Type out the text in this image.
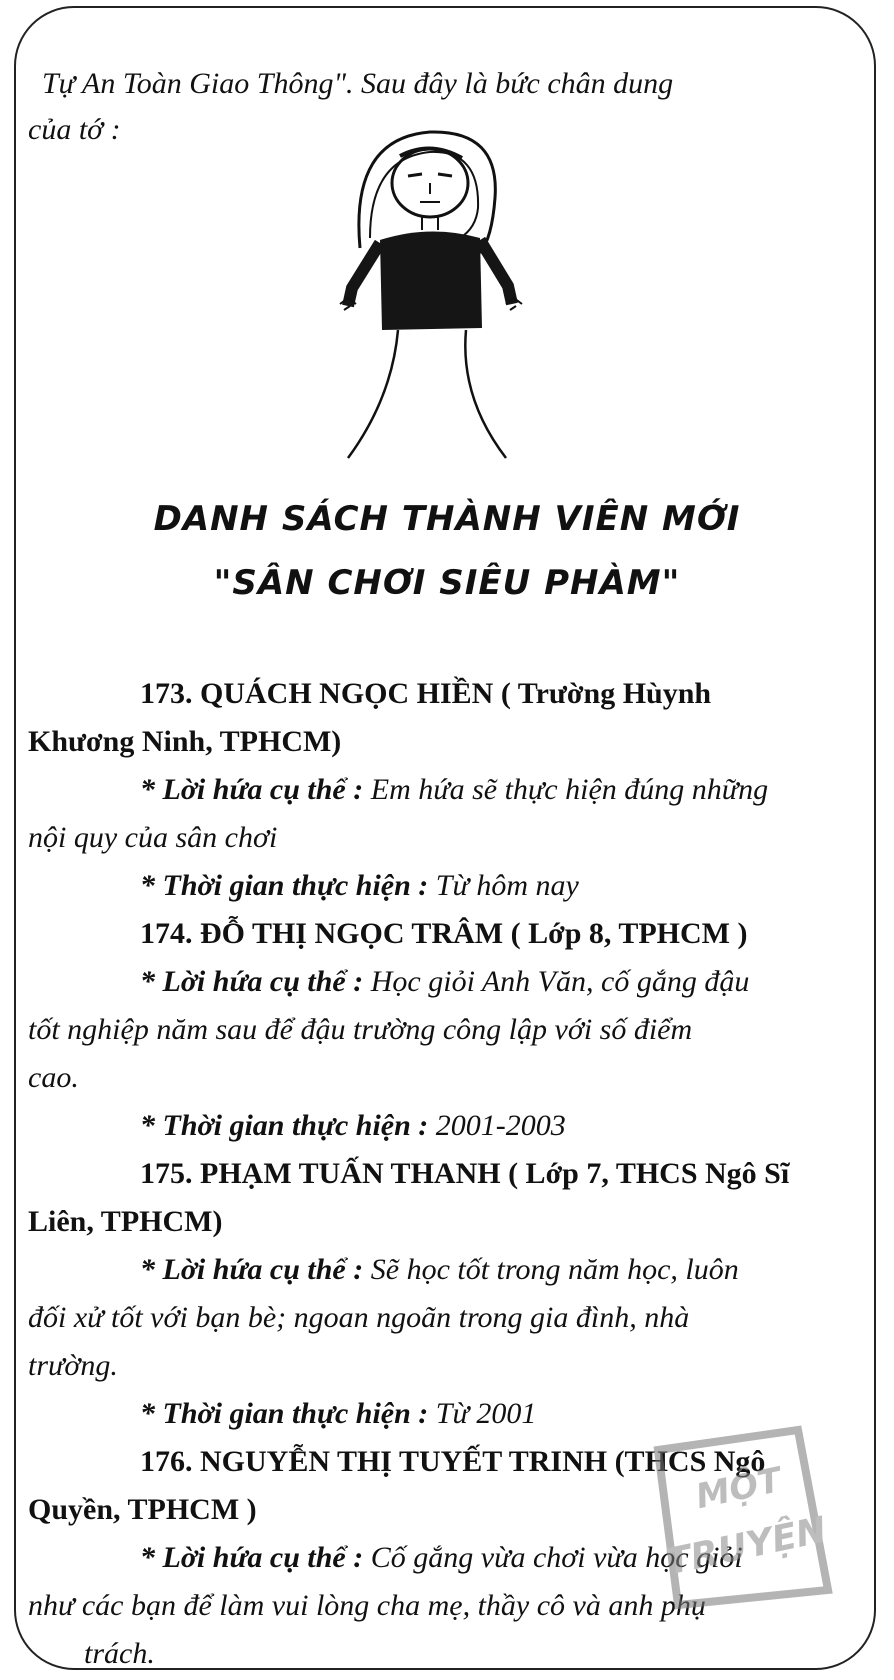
Tự An Toàn Giao Thông". Sau đây là bức chân dung
của tớ :
DANH SÁCH THÀNH VIÊN MỚI
"SÂN CHƠI SIÊU PHÀM"
173. QUÁCH NGỌC HIỀN ( Trường Hùynh
Khương Ninh, TPHCM)
* Lời hứa cụ thể : Em hứa sẽ thực hiện đúng những
nội quy của sân chơi
* Thời gian thực hiện : Từ hôm nay
174. ĐỖ THỊ NGỌC TRÂM ( Lớp 8, TPHCM )
* Lời hứa cụ thể : Học giỏi Anh Văn, cố gắng đậu
tốt nghiệp năm sau để đậu trường công lập với số điểm
cao.
* Thời gian thực hiện : 2001-2003
175. PHẠM TUẤN THANH ( Lớp 7, THCS Ngô Sĩ
Liên, TPHCM)
* Lời hứa cụ thể : Sẽ học tốt trong năm học, luôn
đối xử tốt với bạn bè; ngoan ngoãn trong gia đình, nhà
trường.
* Thời gian thực hiện : Từ 2001
176. NGUYỄN THỊ TUYẾT TRINH (THCS Ngô
Quyền, TPHCM )
* Lời hứa cụ thể : Cố gắng vừa chơi vừa học giỏi
như các bạn để làm vui lòng cha mẹ, thầy cô và anh phụ
trách.
MỘT
TRUYỆN
